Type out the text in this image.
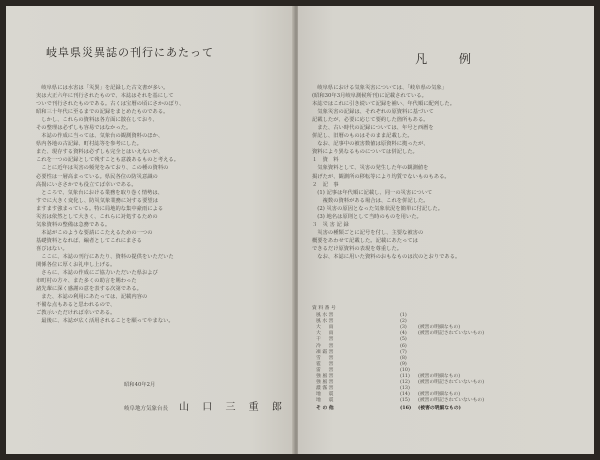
岐阜県災異誌の刊行にあたって

　岐阜県には水害は「災異」を記録した古文書が多い。

実は大正六年に刊行されたもので、本誌はそれを基にして

ついで刊行されたものである。古くは宝暦の頃にさかのぼり、

昭和三十年代に至るまでの記録をまとめたものである。

　しかし、これらの資料は各方面に散在しており、

その整理は必ずしも容易ではなかった。

　本誌の作成に当っては、気象台の観測資料のほか、

県内各地の古記録、町村誌等を参考にした。

また、現存する資料は必ずしも完全とはいえないが、

これを一つの記録として残すことも意義あるものと考える。

　ことに近年は災害の頻発をみており、この種の資料の

必要性は一層高まっている。県民各位の防災意識の

高揚にいささかでも役立てば幸いである。

　ところで、気象台における業務を取り巻く情勢は、

すでに大きく変化し、防災気象業務に対する要望は

ますます強まっている。特に局地的な集中豪雨による

災害は依然として大きく、これらに対処するための

気象資料の整備は急務である。

　本誌がこのような要請にこたえるための一つの

基礎資料となれば、編者としてこれにまさる

喜びはない。

　ここに、本誌の刊行にあたり、資料の提供をいただいた

関係各位に厚くお礼申し上げる。

　さらに、本誌の作成にご協力いただいた県および

市町村の方々、また多くの助言を賜わった

諸先輩に深く感謝の意を表する次第である。

　また、本誌の利用にあたっては、記載内容の

不備な点もあると思われるので、

ご教示いただければ幸いである。

　最後に、本誌が広く活用されることを願ってやまない。

昭和40年2月
岐阜地方気象台長 山 口 三 重 郎
凡 例

　岐阜県における気象災害については、「岐阜県の気象」

(昭和30年3月岐阜測候所刊)に記載されている。

本誌ではこれに引き続いて記録を補い、年代順に配列した。

　気象災害の記録は、それぞれの原資料に基づいて

記載したが、必要に応じて要約した箇所もある。

　また、古い時代の記録については、年号と西暦を

併記し、旧暦のものはそのまま記載した。

　なお、記事中の被害数値は原資料に拠ったが、

資料により異なるものについては併記した。

１　資　料

　気象資料として、災害の発生した年の観測値を

掲げたが、観測所の移転等により均質でないものもある。

２　記　事

　(1) 記事は年代順に記載し、同一の災害について

　　複数の資料がある場合は、これを併記した。

　(2) 災害の原因となった気象状況を簡単に付記した。

　(3) 地名は原則として当時のものを用いた。

３　災 害 記 録

　災害の種類ごとに記号を付し、主要な被害の

概要をあわせて記載した。記載にあたっては

できるだけ原資料の表現を尊重した。

　なお、本誌に用いた資料のおもなものは次のとおりである。

資 料 番 号
風 水 害	(1)
風 水 害	(2)
大 　 雨	(3) (被害の明細なもの)
大 　 雨	(4) (被害の明記されていないもの)
干 　 害	(5)
冷 　 害	(6)
凍 霜 害	(7)
雪 　 害	(8)
雹 　 害	(9)
雷 　 害	(10)
強 風 害	(11) (被害の明細なもの)
強 風 害	(12) (被害の明記されていないもの)
濃 霧 害	(13)
地 　 震	(14) (被害の明細なもの)
地 　 震	(15) (被害の明記されていないもの)
そ の 他	(16) (被害の明細なもの)
